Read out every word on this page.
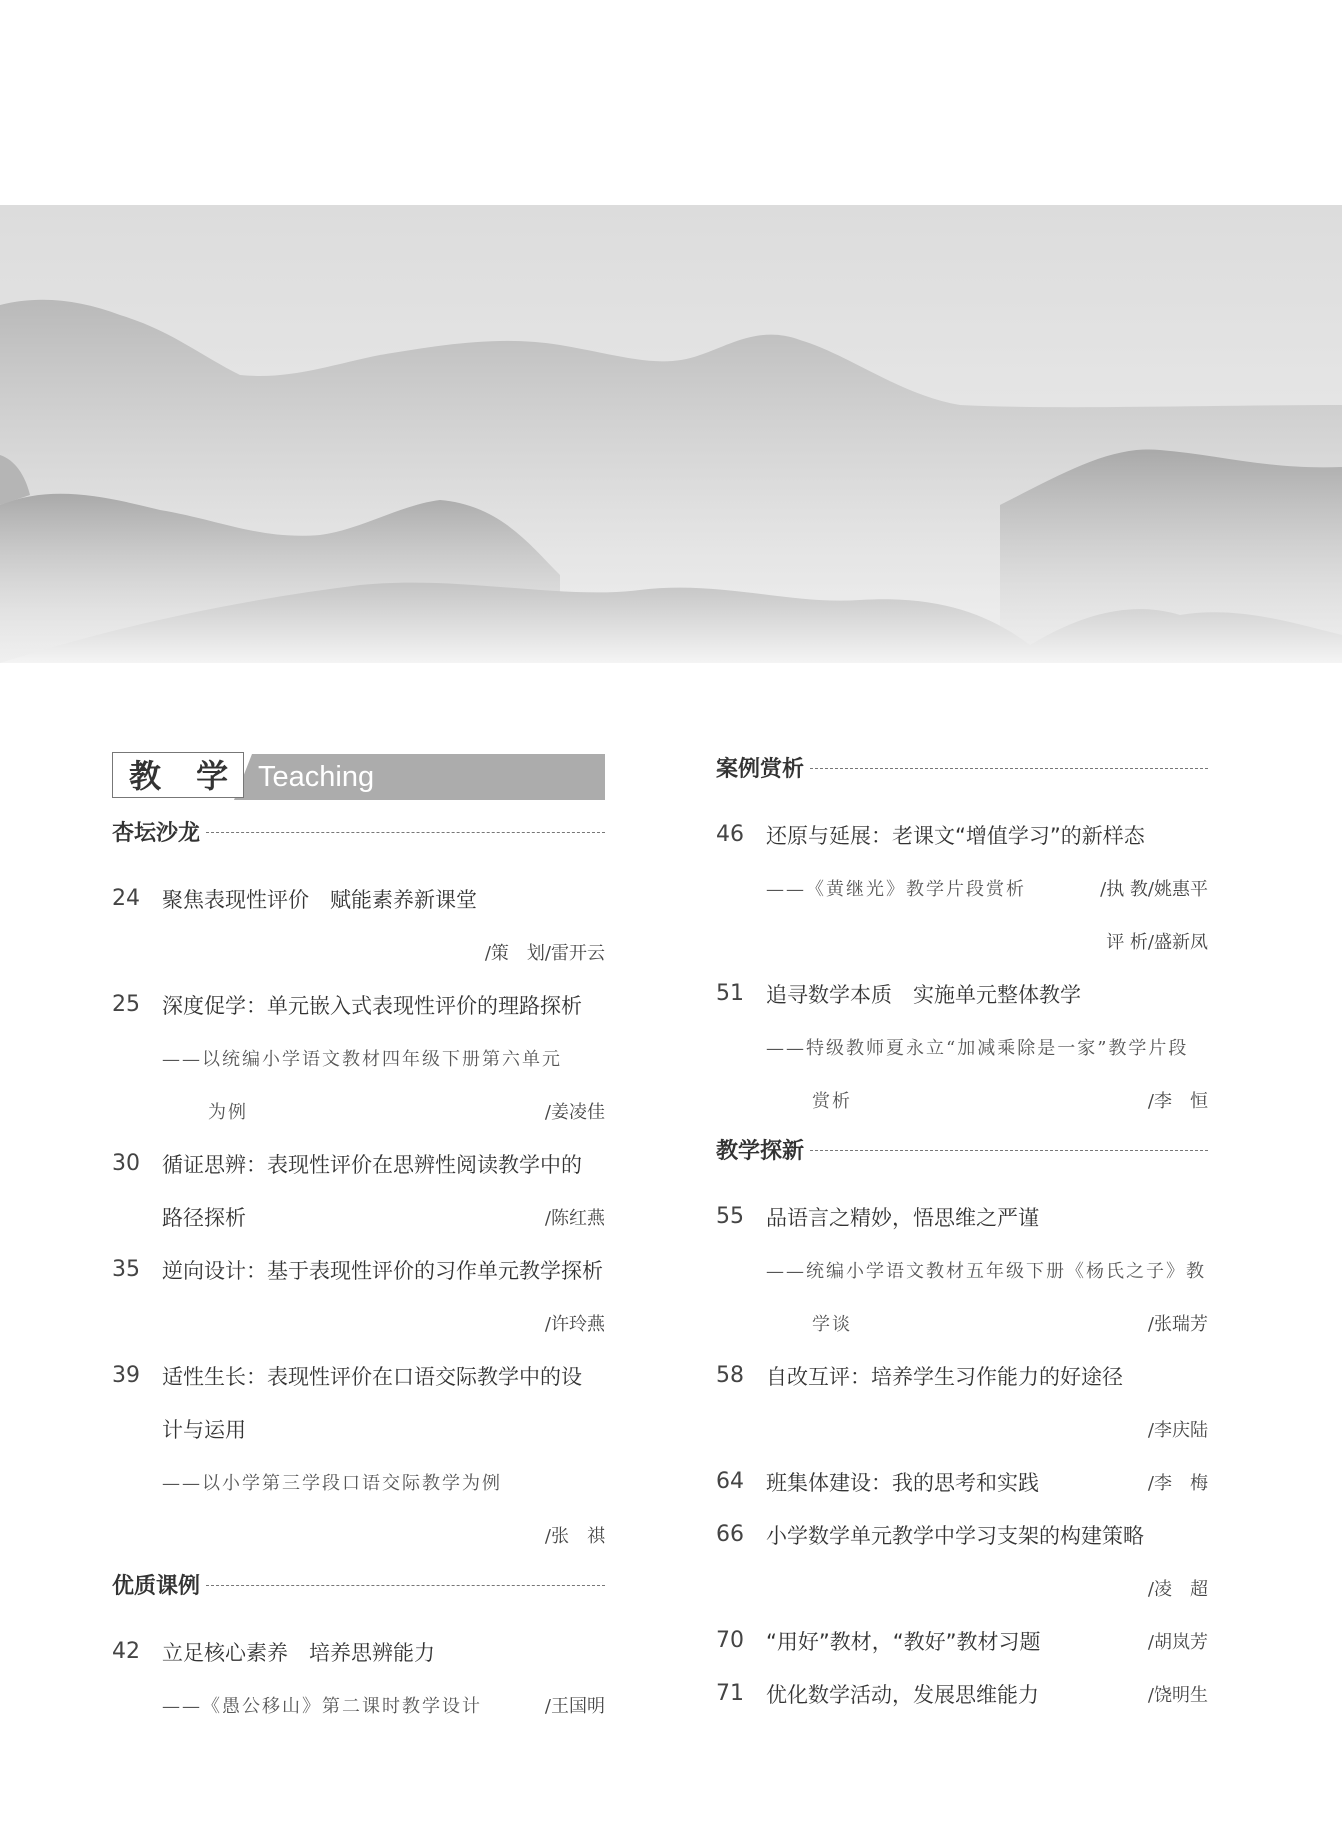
教 学 Teaching
杏坛沙龙
24	聚焦表现性评价　赋能素养新课堂
/策　划/雷开云
25	深度促学：单元嵌入式表现性评价的理路探析
——以统编小学语文教材四年级下册第六单元
为例	/姜凌佳
30	循证思辨：表现性评价在思辨性阅读教学中的
路径探析	/陈红燕
35	逆向设计：基于表现性评价的习作单元教学探析
/许玲燕
39	适性生长：表现性评价在口语交际教学中的设
计与运用
——以小学第三学段口语交际教学为例
/张　祺
优质课例
42	立足核心素养　培养思辨能力
——《愚公移山》第二课时教学设计	/王国明
案例赏析
46	还原与延展：老课文“增值学习”的新样态
——《黄继光》教学片段赏析	/执 教/姚惠平
评 析/盛新凤
51	追寻数学本质　实施单元整体教学
——特级教师夏永立“加减乘除是一家”教学片段
赏析	/李　恒
教学探新
55	品语言之精妙，悟思维之严谨
——统编小学语文教材五年级下册《杨氏之子》教
学谈	/张瑞芳
58	自改互评：培养学生习作能力的好途径
/李庆陆
64	班集体建设：我的思考和实践	/李　梅
66	小学数学单元教学中学习支架的构建策略
/凌　超
70	“用好”教材，“教好”教材习题	/胡岚芳
71	优化数学活动，发展思维能力	/饶明生
